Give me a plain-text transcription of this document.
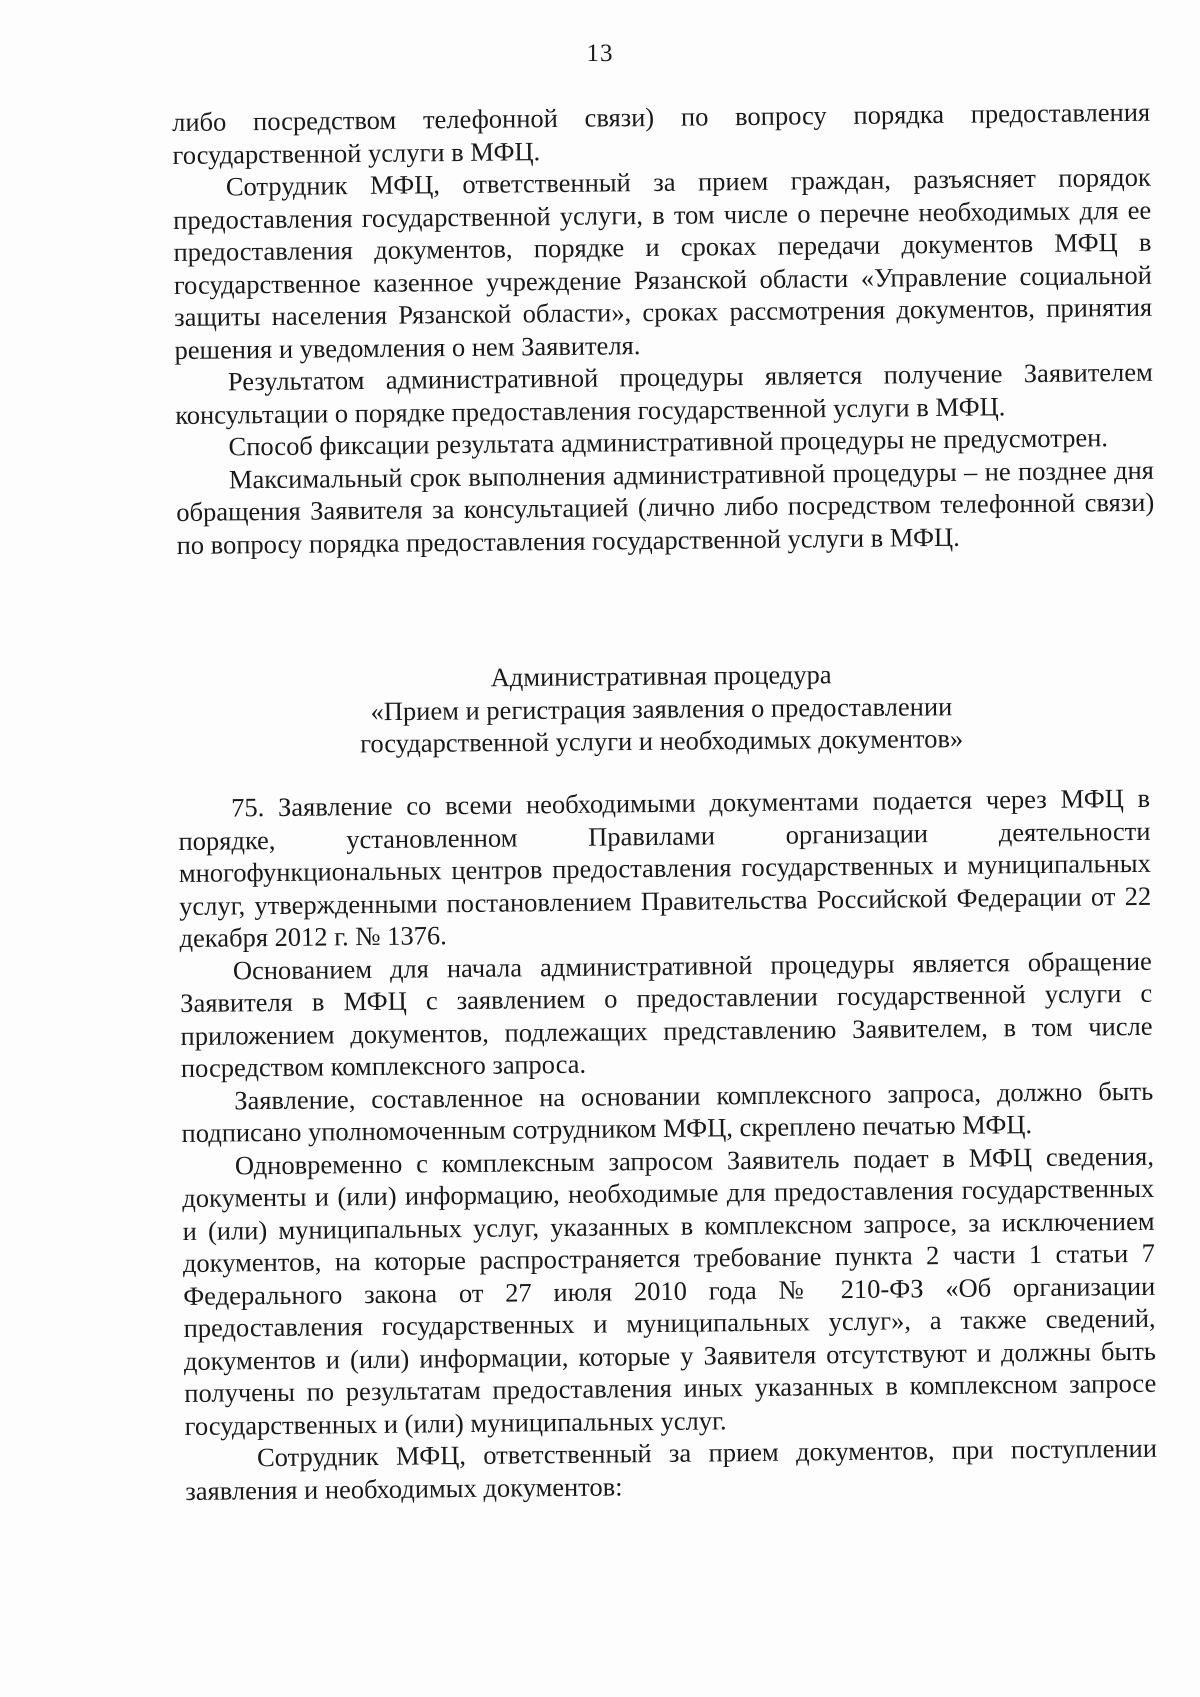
13

либо посредством телефонной связи) по вопросу порядка предоставления государственной услуги в МФЦ.

Сотрудник МФЦ, ответственный за прием граждан, разъясняет порядок предоставления государственной услуги, в том числе о перечне необходимых для ее предоставления документов, порядке и сроках передачи документов МФЦ в государственное казенное учреждение Рязанской области «Управление социальной защиты населения Рязанской области», сроках рассмотрения документов, принятия решения и уведомления о нем Заявителя.

Результатом административной процедуры является получение Заявителем консультации о порядке предоставления государственной услуги в МФЦ.

Способ фиксации результата административной процедуры не предусмотрен.

Максимальный срок выполнения административной процедуры – не позднее дня обращения Заявителя за консультацией (лично либо посредством телефонной связи) по вопросу порядка предоставления государственной услуги в МФЦ.

Административная процедура
«Прием и регистрация заявления о предоставлении
государственной услуги и необходимых документов»

75. Заявление со всеми необходимыми документами подается через МФЦ в порядке, установленном Правилами организации деятельности многофункциональных центров предоставления государственных и муниципальных услуг, утвержденными постановлением Правительства Российской Федерации от 22 декабря 2012 г. № 1376.

Основанием для начала административной процедуры является обращение Заявителя в МФЦ с заявлением о предоставлении государственной услуги с приложением документов, подлежащих представлению Заявителем, в том числе посредством комплексного запроса.

Заявление, составленное на основании комплексного запроса, должно быть подписано уполномоченным сотрудником МФЦ, скреплено печатью МФЦ.

Одновременно с комплексным запросом Заявитель подает в МФЦ сведения, документы и (или) информацию, необходимые для предоставления государственных и (или) муниципальных услуг, указанных в комплексном запросе, за исключением документов, на которые распространяется требование пункта 2 части 1 статьи 7 Федерального закона от 27 июля 2010 года № 210-ФЗ «Об организации предоставления государственных и муниципальных услуг», а также сведений, документов и (или) информации, которые у Заявителя отсутствуют и должны быть получены по результатам предоставления иных указанных в комплексном запросе государственных и (или) муниципальных услуг.

Сотрудник МФЦ, ответственный за прием документов, при поступлении заявления и необходимых документов:
